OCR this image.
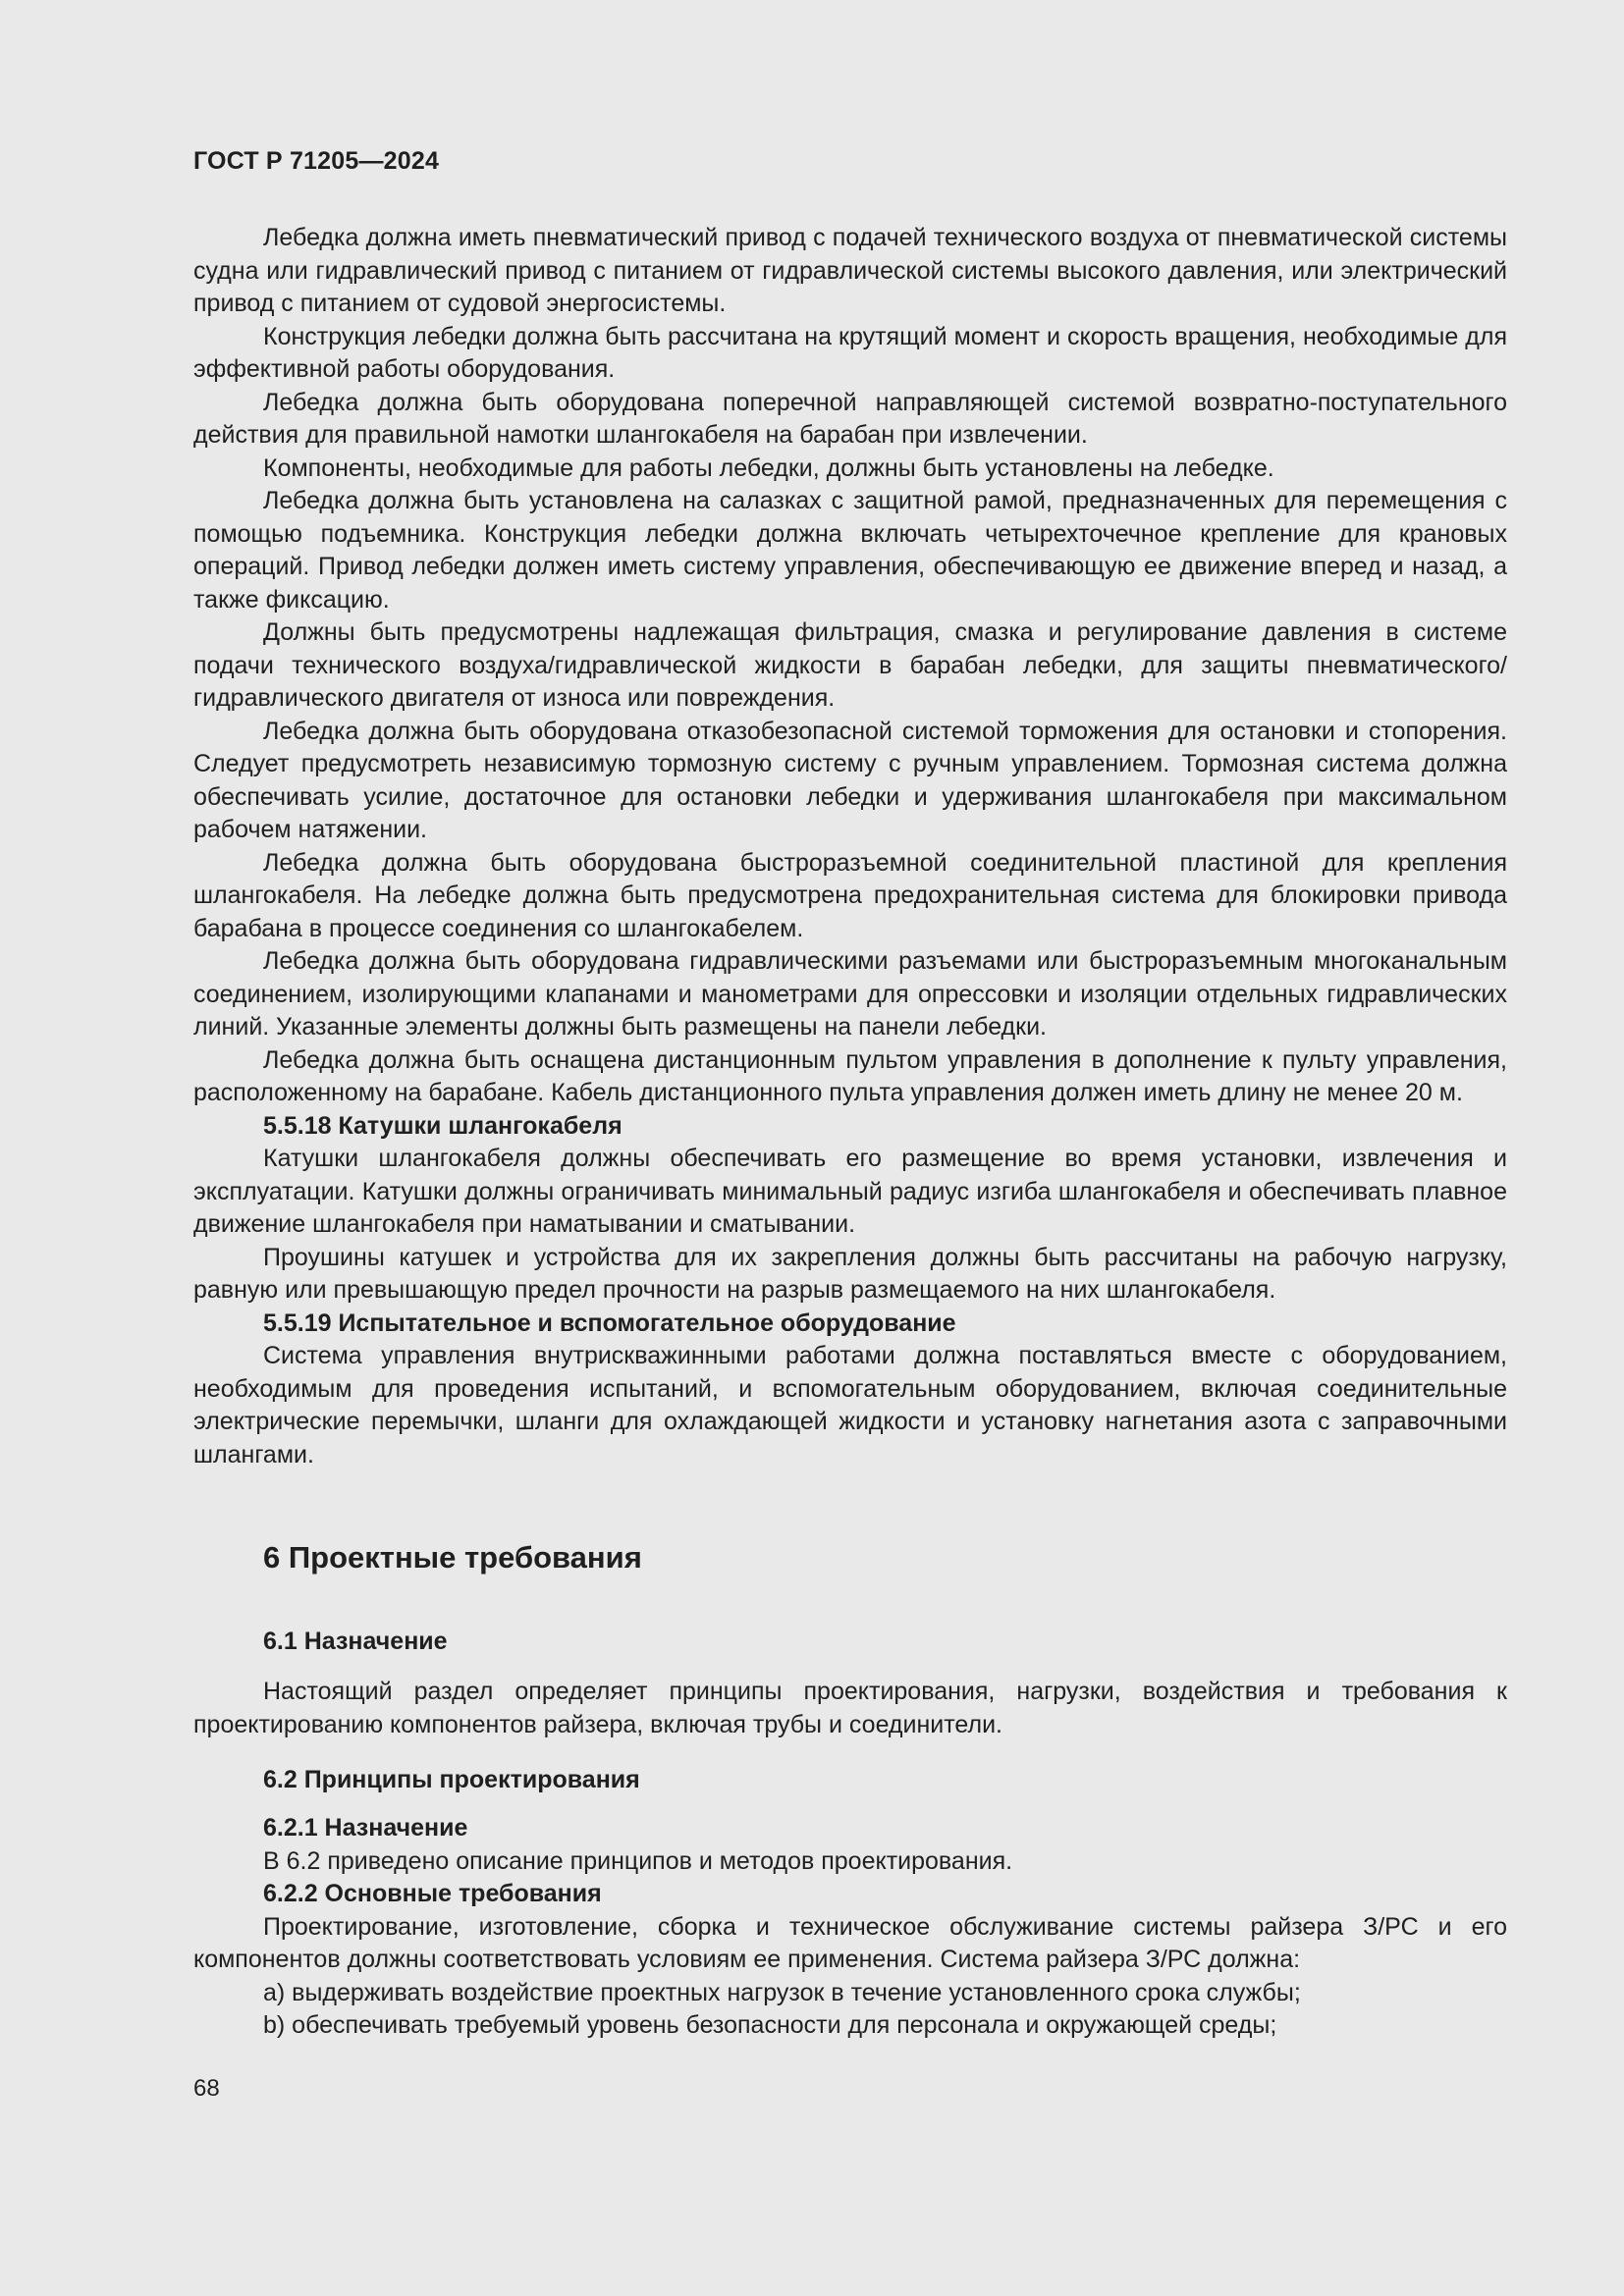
ГОСТ Р 71205—2024

Лебедка должна иметь пневматический привод с подачей технического воздуха от пневматической системы судна или гидравлический привод с питанием от гидравлической системы высокого давления, или электрический привод с питанием от судовой энергосистемы.

Конструкция лебедки должна быть рассчитана на крутящий момент и скорость вращения, необходимые для эффективной работы оборудования.

Лебедка должна быть оборудована поперечной направляющей системой возвратно-поступательного действия для правильной намотки шлангокабеля на барабан при извлечении.

Компоненты, необходимые для работы лебедки, должны быть установлены на лебедке.

Лебедка должна быть установлена на салазках с защитной рамой, предназначенных для перемещения с помощью подъемника. Конструкция лебедки должна включать четырехточечное крепление для крановых операций. Привод лебедки должен иметь систему управления, обеспечивающую ее движение вперед и назад, а также фиксацию.

Должны быть предусмотрены надлежащая фильтрация, смазка и регулирование давления в системе подачи технического воздуха/гидравлической жидкости в барабан лебедки, для защиты пневматического/гидравлического двигателя от износа или повреждения.

Лебедка должна быть оборудована отказобезопасной системой торможения для остановки и стопорения. Следует предусмотреть независимую тормозную систему с ручным управлением. Тормозная система должна обеспечивать усилие, достаточное для остановки лебедки и удерживания шлангокабеля при максимальном рабочем натяжении.

Лебедка должна быть оборудована быстроразъемной соединительной пластиной для крепления шлангокабеля. На лебедке должна быть предусмотрена предохранительная система для блокировки привода барабана в процессе соединения со шлангокабелем.

Лебедка должна быть оборудована гидравлическими разъемами или быстроразъемным многоканальным соединением, изолирующими клапанами и манометрами для опрессовки и изоляции отдельных гидравлических линий. Указанные элементы должны быть размещены на панели лебедки.

Лебедка должна быть оснащена дистанционным пультом управления в дополнение к пульту управления, расположенному на барабане. Кабель дистанционного пульта управления должен иметь длину не менее 20 м.

5.5.18 Катушки шлангокабеля

Катушки шлангокабеля должны обеспечивать его размещение во время установки, извлечения и эксплуатации. Катушки должны ограничивать минимальный радиус изгиба шлангокабеля и обеспечивать плавное движение шлангокабеля при наматывании и сматывании.

Проушины катушек и устройства для их закрепления должны быть рассчитаны на рабочую нагрузку, равную или превышающую предел прочности на разрыв размещаемого на них шлангокабеля.

5.5.19 Испытательное и вспомогательное оборудование

Система управления внутрискважинными работами должна поставляться вместе с оборудованием, необходимым для проведения испытаний, и вспомогательным оборудованием, включая соединительные электрические перемычки, шланги для охлаждающей жидкости и установку нагнетания азота с заправочными шлангами.

6 Проектные требования

6.1 Назначение

Настоящий раздел определяет принципы проектирования, нагрузки, воздействия и требования к проектированию компонентов райзера, включая трубы и соединители.

6.2 Принципы проектирования

6.2.1 Назначение

В 6.2 приведено описание принципов и методов проектирования.

6.2.2 Основные требования

Проектирование, изготовление, сборка и техническое обслуживание системы райзера З/РС и его компонентов должны соответствовать условиям ее применения. Система райзера З/РС должна:

a) выдерживать воздействие проектных нагрузок в течение установленного срока службы;

b) обеспечивать требуемый уровень безопасности для персонала и окружающей среды;

68
